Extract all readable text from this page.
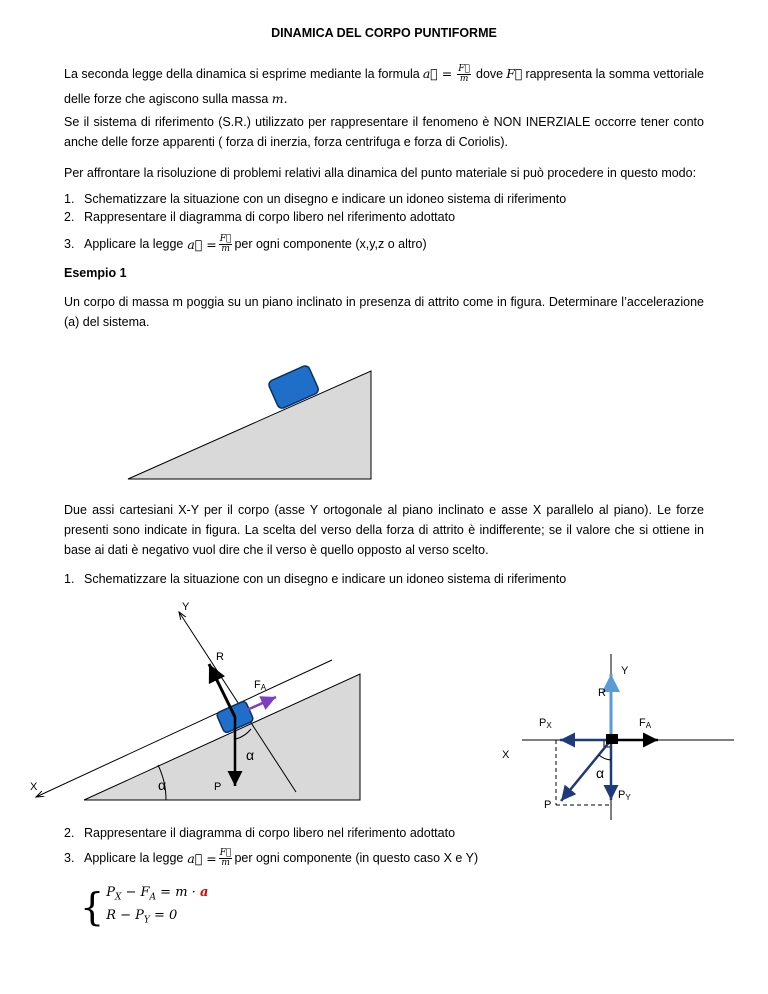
DINAMICA DEL CORPO PUNTIFORME
La seconda legge della dinamica si esprime mediante la formula a⃗ = $\frac{F⃗}{m}$ dove F⃗ rappresenta la somma vettoriale
delle forze che agiscono sulla massa m.
Se il sistema di riferimento (S.R.) utilizzato per rappresentare il fenomeno è NON INERZIALE occorre tener conto anche delle forze apparenti ( forza di inerzia, forza centrifuga e forza di Coriolis).
Per affrontare la risoluzione di problemi relativi alla dinamica del punto materiale si può procedere in questo modo:
1. Schematizzare la situazione con un disegno e indicare un idoneo sistema di riferimento
2. Rappresentare il diagramma di corpo libero nel riferimento adottato
3. Applicare la legge a⃗ = $\frac{F⃗}{m}$ per ogni componente (x,y,z o altro)
Esempio 1
Un corpo di massa m poggia su un piano inclinato in presenza di attrito come in figura. Determinare l’accelerazione (a) del sistema.
Due assi cartesiani X-Y per il corpo (asse Y ortogonale al piano inclinato e asse X parallelo al piano). Le forze presenti sono indicate in figura. La scelta del verso della forza di attrito è indifferente; se il valore che si ottiene in base ai dati è negativo vuol dire che il verso è quello opposto al verso scelto.
1. Schematizzare la situazione con un disegno e indicare un idoneo sistema di riferimento
Y
R
FA
α
α	P
X
Y
R
PX	FA
X
α
PY
P
2. Rappresentare il diagramma di corpo libero nel riferimento adottato
3. Applicare la legge a⃗ = $\frac{F⃗}{m}$ per ogni componente (in questo caso X e Y)
{ $P_X - F_A = m \cdot a$
$R - P_Y = 0$
